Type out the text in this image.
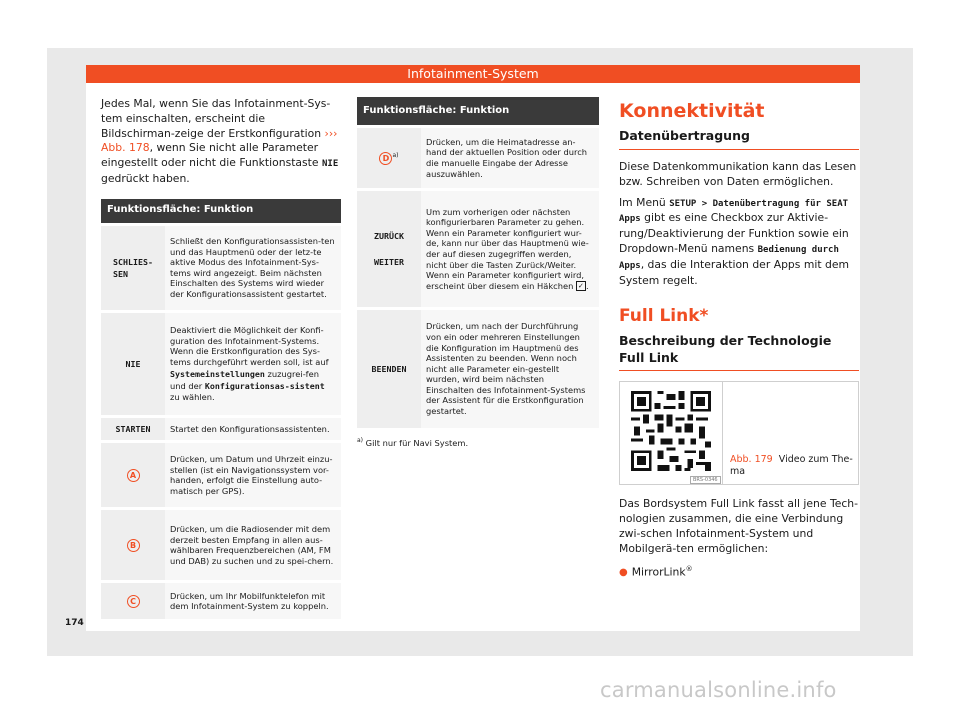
Infotainment-System

Jedes Mal, wenn Sie das Infotainment-Sys-tem einschalten, erscheint die Bildschirman-zeige der Erstkonfiguration ››› Abb. 178, wenn Sie nicht alle Parameter eingestellt oder nicht die Funktionstaste NIE gedrückt haben.

Funktionsfläche: Funktion	
SCHLIES-SEN	Schließt den Konfigurationsassisten-ten und das Hauptmenü oder der letz-te aktive Modus des Infotainment-Sys-tems wird angezeigt. Beim nächsten Einschalten des Systems wird wieder der Konfigurationsassistent gestartet.
NIE	Deaktiviert die Möglichkeit der Konfi-guration des Infotainment-Systems. Wenn die Erstkonfiguration des Sys-tems durchgeführt werden soll, ist auf Systemeinstellungen zuzugrei-fen und der Konfigurationsas-sistent zu wählen.
STARTEN	Startet den Konfigurationsassistenten.
A	Drücken, um Datum und Uhrzeit einzu-stellen (ist ein Navigationssystem vor-handen, erfolgt die Einstellung auto-matisch per GPS).
B	Drücken, um die Radiosender mit dem derzeit besten Empfang in allen aus-wählbaren Frequenzbereichen (AM, FM und DAB) zu suchen und zu spei-chern.
C	Drücken, um Ihr Mobilfunktelefon mit dem Infotainment-System zu koppeln.
Funktionsfläche: Funktion	
D $^{a)}$	Drücken, um die Heimatadresse an-hand der aktuellen Position oder durch die manuelle Eingabe der Adresse auszuwählen.

ZURÜCK
WEITER	Um zum vorherigen oder nächsten konfigurierbaren Parameter zu gehen. Wenn ein Parameter konfiguriert wur-de, kann nur über das Hauptmenü wie-der auf diesen zugegriffen werden, nicht über die Tasten Zurück/Weiter. Wenn ein Parameter konfiguriert wird, erscheint über diesem ein Häkchen ✓ .
BEENDEN	Drücken, um nach der Durchführung von ein oder mehreren Einstellungen die Konfiguration im Hauptmenü des Assistenten zu beenden. Wenn noch nicht alle Parameter ein-gestellt wurden, wird beim nächsten Einschalten des Infotainment-Systems der Assistent für die Erstkonfiguration gestartet.
$^{a)}$ Gilt nur für Navi System.
Konnektivität
Datenübertragung

Diese Datenkommunikation kann das Lesen bzw. Schreiben von Daten ermöglichen.

Im Menü SETUP > Datenübertragung für SEAT Apps gibt es eine Checkbox zur Aktivie-rung/Deaktivierung der Funktion sowie ein Dropdown-Menü namens Bedienung durch Apps, das die Interaktion der Apps mit dem System regelt.

Full Link*
Beschreibung der Technologie Full Link
BRS-0346
Abb. 179 Video zum The-ma

Das Bordsystem Full Link fasst all jene Tech-nologien zusammen, die eine Verbindung zwi-schen Infotainment-System und Mobilgerä-ten ermöglichen:

● MirrorLink®
174
carmanualsonline.info
